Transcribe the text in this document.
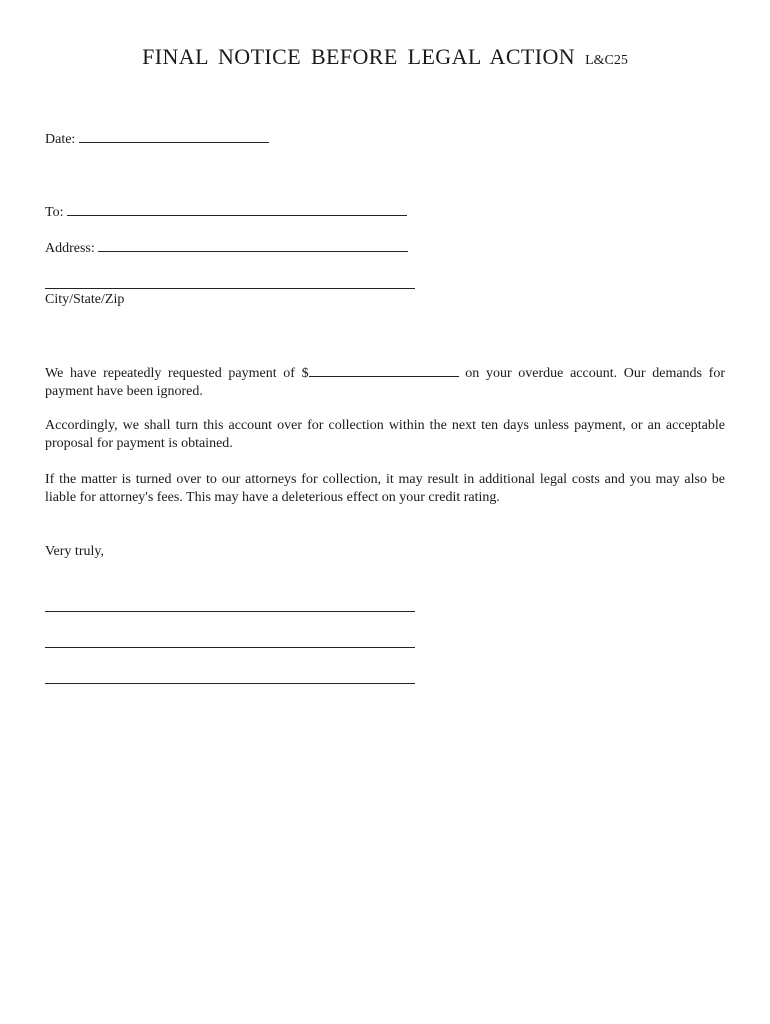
FINAL NOTICE BEFORE LEGAL ACTION L&C25
Date:
To:
Address:
City/State/Zip
We have repeatedly requested payment of $	on your overdue account. Our demands for payment have been ignored.
Accordingly, we shall turn this account over for collection within the next ten days unless payment, or an acceptable proposal for payment is obtained.
If the matter is turned over to our attorneys for collection, it may result in additional legal costs and you may also be liable for attorney's fees. This may have a deleterious effect on your credit rating.
Very truly,
